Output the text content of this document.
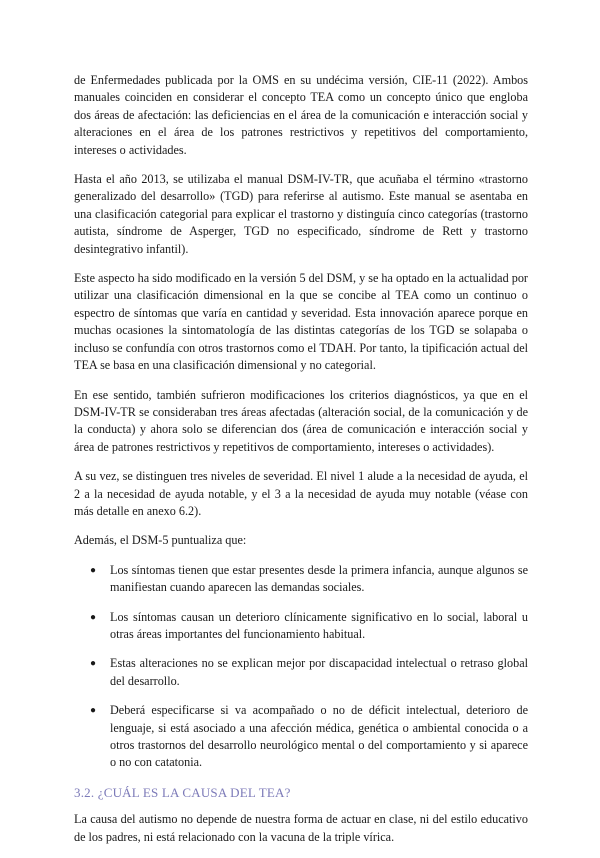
de Enfermedades publicada por la OMS en su undécima versión, CIE-11 (2022). Ambos manuales coinciden en considerar el concepto TEA como un concepto único que engloba dos áreas de afectación: las deficiencias en el área de la comunicación e interacción social y alteraciones en el área de los patrones restrictivos y repetitivos del comportamiento, intereses o actividades.

Hasta el año 2013, se utilizaba el manual DSM-IV-TR, que acuñaba el término «trastorno generalizado del desarrollo» (TGD) para referirse al autismo. Este manual se asentaba en una clasificación categorial para explicar el trastorno y distinguía cinco categorías (trastorno autista, síndrome de Asperger, TGD no especificado, síndrome de Rett y trastorno desintegrativo infantil).

Este aspecto ha sido modificado en la versión 5 del DSM, y se ha optado en la actualidad por utilizar una clasificación dimensional en la que se concibe al TEA como un continuo o espectro de síntomas que varía en cantidad y severidad. Esta innovación aparece porque en muchas ocasiones la sintomatología de las distintas categorías de los TGD se solapaba o incluso se confundía con otros trastornos como el TDAH. Por tanto, la tipificación actual del TEA se basa en una clasificación dimensional y no categorial.

En ese sentido, también sufrieron modificaciones los criterios diagnósticos, ya que en el DSM-IV-TR se consideraban tres áreas afectadas (alteración social, de la comunicación y de la conducta) y ahora solo se diferencian dos (área de comunicación e interacción social y área de patrones restrictivos y repetitivos de comportamiento, intereses o actividades).

A su vez, se distinguen tres niveles de severidad. El nivel 1 alude a la necesidad de ayuda, el 2 a la necesidad de ayuda notable, y el 3 a la necesidad de ayuda muy notable (véase con más detalle en anexo 6.2).

Además, el DSM-5 puntualiza que:

● Los síntomas tienen que estar presentes desde la primera infancia, aunque algunos se manifiestan cuando aparecen las demandas sociales.
● Los síntomas causan un deterioro clínicamente significativo en lo social, laboral u otras áreas importantes del funcionamiento habitual.
● Estas alteraciones no se explican mejor por discapacidad intelectual o retraso global del desarrollo.
● Deberá especificarse si va acompañado o no de déficit intelectual, deterioro de lenguaje, si está asociado a una afección médica, genética o ambiental conocida o a otros trastornos del desarrollo neurológico mental o del comportamiento y si aparece o no con catatonia.
3.2. ¿CUÁL ES LA CAUSA DEL TEA?

La causa del autismo no depende de nuestra forma de actuar en clase, ni del estilo educativo de los padres, ni está relacionado con la vacuna de la triple vírica.
